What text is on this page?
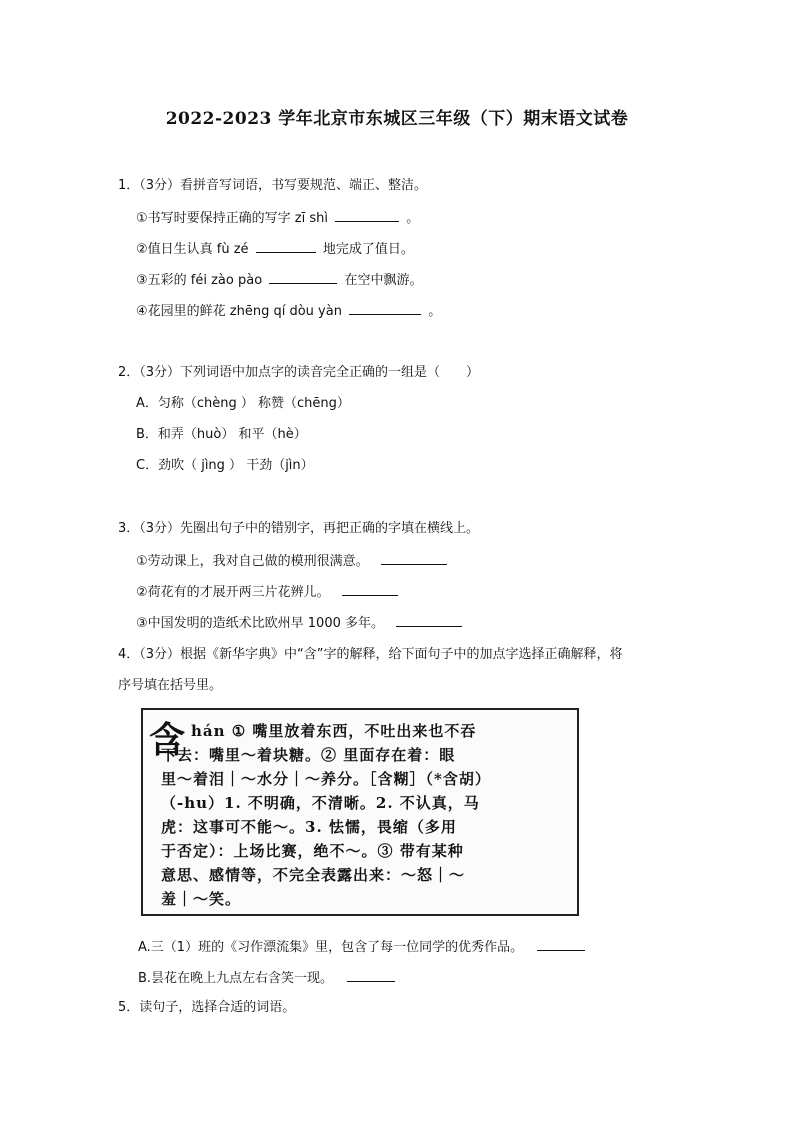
2022-2023 学年北京市东城区三年级（下）期末语文试卷
1．（3分）看拼音写词语，书写要规范、端正、整洁。
①书写时要保持正确的写字 zī shì	。
②值日生认真 fù zé	地完成了值日。
③五彩的 féi zào pào	在空中飘游。
④花园里的鲜花 zhēng qí dòu yàn	。
2．（3分）下列词语中加点字的读音完全正确的一组是（　　）
A．匀称（chèng ） 称赞（chēng）
B．和弄（huò） 和平（hè）
C．劲吹（ jìng ） 干劲（jìn）
3．（3分）先圈出句子中的错别字，再把正确的字填在横线上。
①劳动课上，我对自己做的模刑很满意。
②荷花有的才展开两三片花辨儿。
③中国发明的造纸术比欧州早 1000 多年。
4．（3分）根据《新华字典》中“含”字的解释，给下面句子中的加点字选择正确解释，将
序号填在括号里。
含 hán ① 嘴里放着东西，不吐出来也不吞
下去：嘴里～着块糖。② 里面存在着：眼
里～着泪｜～水分｜～养分。［含糊］（*含胡）
（-hu）1. 不明确，不清晰。2. 不认真，马
虎：这事可不能～。3. 怯懦，畏缩（多用
于否定）：上场比赛，绝不～。③ 带有某种
意思、感情等，不完全表露出来：～怒｜～
羞｜～笑。
A.三（1）班的《习作漂流集》里，包含了每一位同学的优秀作品。
B.昙花在晚上九点左右含笑一现。
5．读句子，选择合适的词语。
